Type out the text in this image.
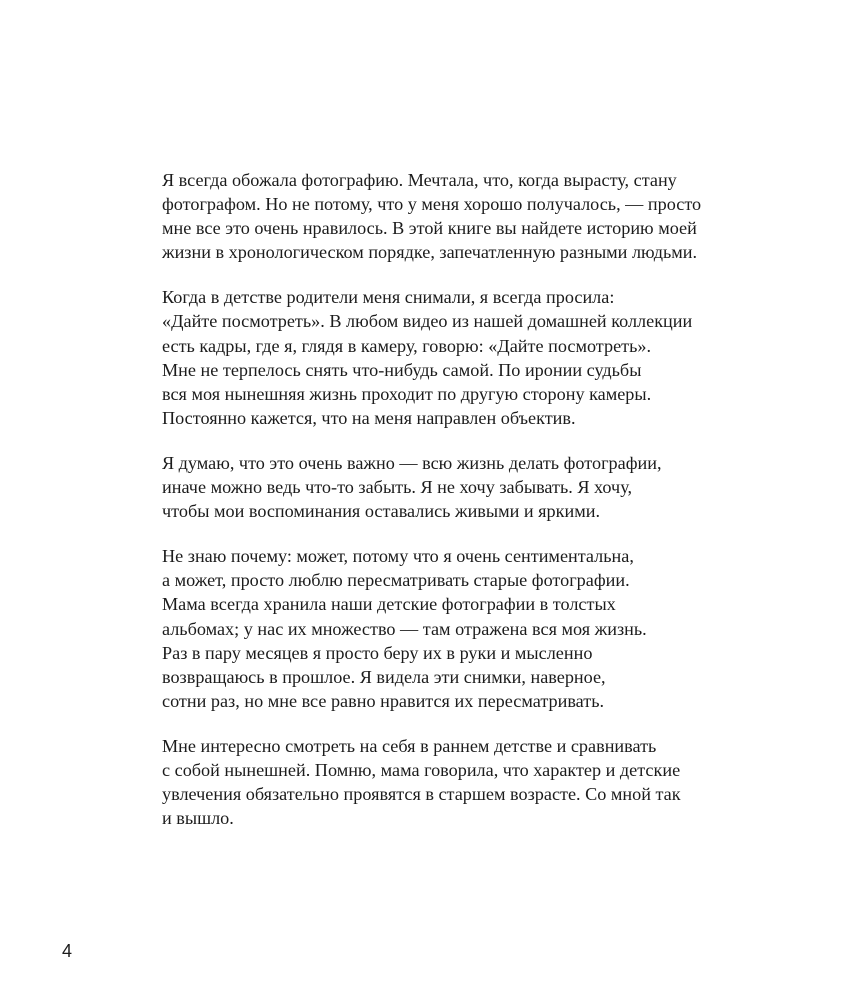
Я всегда обожала фотографию. Мечтала, что, когда вырасту, стану
фотографом. Но не потому, что у меня хорошо получалось, — просто
мне все это очень нравилось. В этой книге вы найдете историю моей
жизни в хронологическом порядке, запечатленную разными людьми.

Когда в детстве родители меня снимали, я всегда просила:
«Дайте посмотреть». В любом видео из нашей домашней коллекции
есть кадры, где я, глядя в камеру, говорю: «Дайте посмотреть».
Мне не терпелось снять что-нибудь самой. По иронии судьбы
вся моя нынешняя жизнь проходит по другую сторону камеры.
Постоянно кажется, что на меня направлен объектив.

Я думаю, что это очень важно — всю жизнь делать фотографии,
иначе можно ведь что-то забыть. Я не хочу забывать. Я хочу,
чтобы мои воспоминания оставались живыми и яркими.

Не знаю почему: может, потому что я очень сентиментальна,
а может, просто люблю пересматривать старые фотографии.
Мама всегда хранила наши детские фотографии в толстых
альбомах; у нас их множество — там отражена вся моя жизнь.
Раз в пару месяцев я просто беру их в руки и мысленно
возвращаюсь в прошлое. Я видела эти снимки, наверное,
сотни раз, но мне все равно нравится их пересматривать.

Мне интересно смотреть на себя в раннем детстве и сравнивать
с собой нынешней. Помню, мама говорила, что характер и детские
увлечения обязательно проявятся в старшем возрасте. Со мной так
и вышло.

4
